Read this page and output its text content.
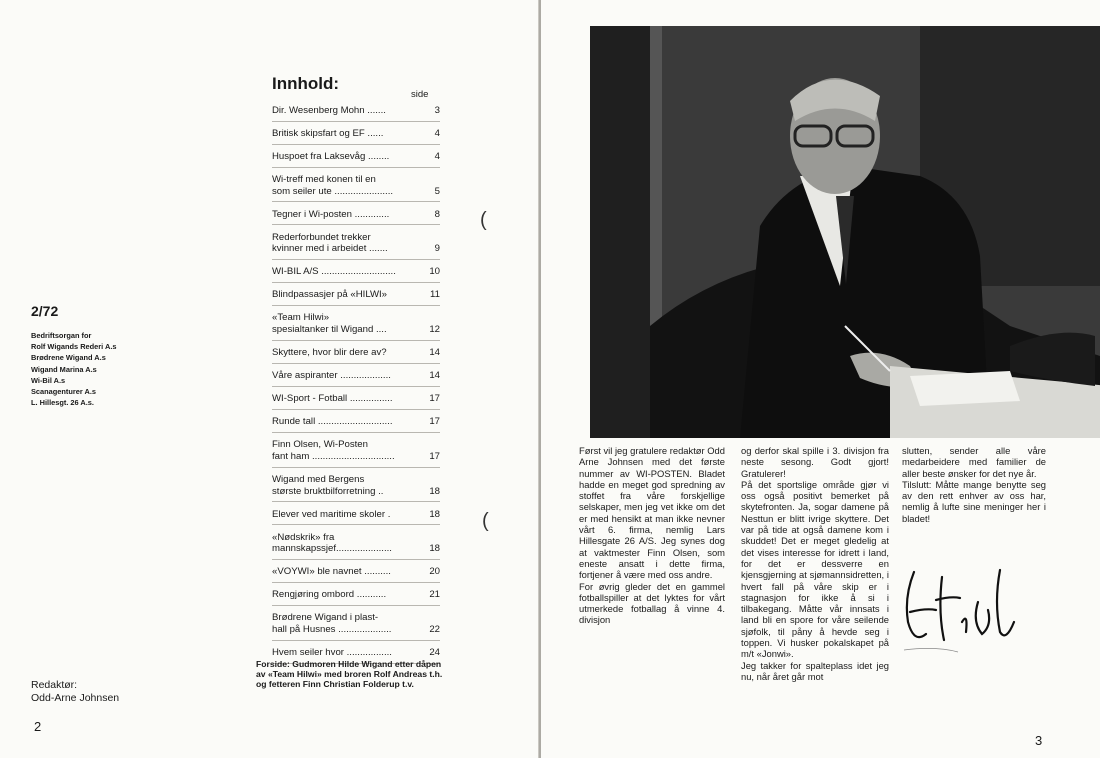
2/72
Bedriftsorgan for
Rolf Wigands Rederi A.s
Brødrene Wigand A.s
Wigand Marina A.s
Wi-Bil A.s
Scanagenturer A.s
L. Hillesgt. 26 A.s.
Innhold:
side
Dir. Wesenberg Mohn .......	3
Britisk skipsfart og EF ......	4
Huspoet fra Laksevåg ........	4
Wi-treff med konen til en
som seiler ute ......................	5
Tegner i Wi-posten .............	8
Rederforbundet trekker
kvinner med i arbeidet .......	9
WI-BIL A/S ............................	10
Blindpassasjer på «HILWI»	11
«Team Hilwi»
spesialtanker til Wigand ....	12
Skyttere, hvor blir dere av?	14
Våre aspiranter ...................	14
WI-Sport - Fotball ................	17
Runde tall ............................	17
Finn Olsen, Wi-Posten
fant ham ...............................	17
Wigand med Bergens
største bruktbilforretning ..	18
Elever ved maritime skoler .	18
«Nødskrik» fra
mannskapssjef.....................	18
«VOYWI» ble navnet ..........	20
Rengjøring ombord ...........	21
Brødrene Wigand i plast-
hall på Husnes ....................	22
Hvem seiler hvor .................	24
Forside: Gudmoren Hilde Wigand etter dåpen av «Team Hilwi» med broren Rolf Andreas t.h. og fetteren Finn Christian Folderup t.v.
Redaktør:
Odd-Arne Johnsen
2
(
(

Først vil jeg gratulere redaktør Odd Arne Johnsen med det første nummer av WI-POSTEN. Bladet hadde en meget god spredning av stoffet fra våre forskjellige selskaper, men jeg vet ikke om det er med hensikt at man ikke nevner vårt 6. firma, nemlig Lars Hillesgate 26 A/S. Jeg synes dog at vaktmester Finn Olsen, som eneste ansatt i dette firma, fortjener å være med oss andre.

For øvrig gleder det en gammel fotballspiller at det lyktes for vårt utmerkede fotballag å vinne 4. divisjon

og derfor skal spille i 3. divisjon fra neste sesong. Godt gjort! Gratulerer!

På det sportslige område gjør vi oss også positivt bemerket på skytefronten. Ja, sogar damene på Nesttun er blitt ivrige skyttere. Det var på tide at også damene kom i skuddet! Det er meget gledelig at det vises interesse for idrett i land, for det er dessverre en kjensgjerning at sjømannsidretten, i hvert fall på våre skip er i stagnasjon for ikke å si i tilbakegang. Måtte vår innsats i land bli en spore for våre seilende sjøfolk, til påny å hevde seg i toppen. Vi husker pokalskapet på m/t «Jonwi».

Jeg takker for spalteplass idet jeg nu, når året går mot

slutten, sender alle våre medarbeidere med familier de aller beste ønsker for det nye år.

Tilslutt: Måtte mange benytte seg av den rett enhver av oss har, nemlig å lufte sine meninger her i bladet!

3
